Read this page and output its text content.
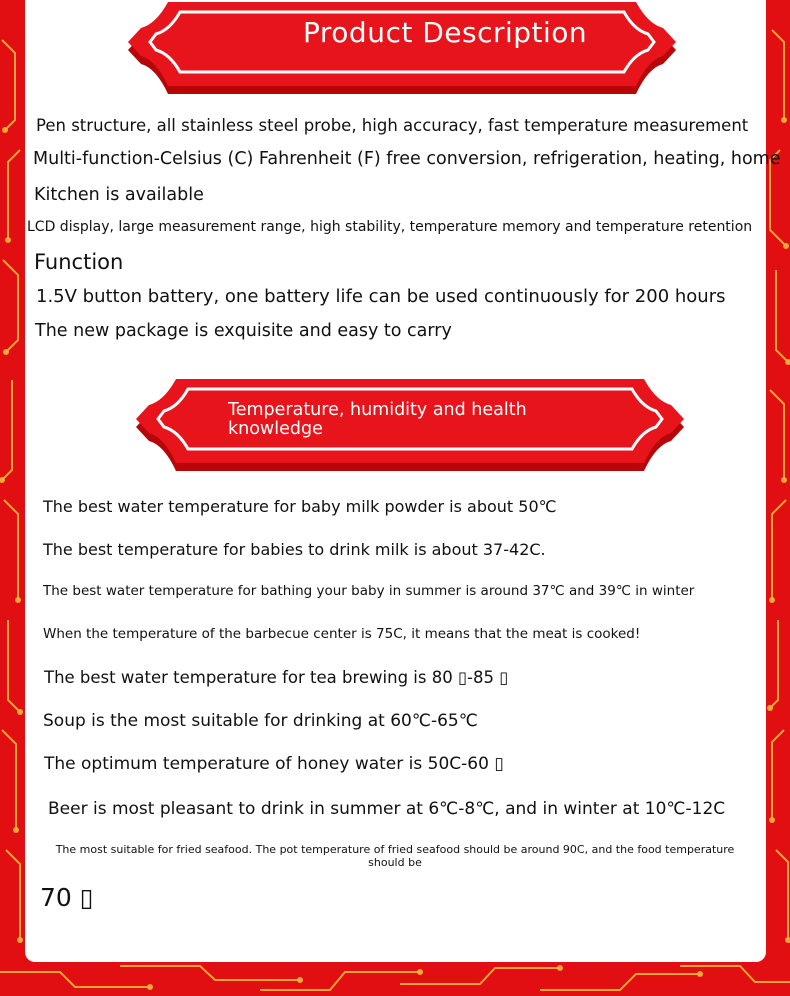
Product Description
Pen structure, all stainless steel probe, high accuracy, fast temperature measurement
Multi-function-Celsius (C) Fahrenheit (F) free conversion, refrigeration, heating, home
Kitchen is available
LCD display, large measurement range, high stability, temperature memory and temperature retention
Function
1.5V button battery, one battery life can be used continuously for 200 hours
The new package is exquisite and easy to carry
Temperature, humidity and health knowledge
The best water temperature for baby milk powder is about 50℃
The best temperature for babies to drink milk is about 37-42C.
The best water temperature for bathing your baby in summer is around 37℃ and 39℃ in winter
When the temperature of the barbecue center is 75C, it means that the meat is cooked!
The best water temperature for tea brewing is 80 ▯-85 ▯
Soup is the most suitable for drinking at 60℃-65℃
The optimum temperature of honey water is 50C-60 ▯
Beer is most pleasant to drink in summer at 6℃-8℃, and in winter at 10℃-12C
The most suitable for fried seafood. The pot temperature of fried seafood should be around 90C, and the food temperature should be
70 ▯
